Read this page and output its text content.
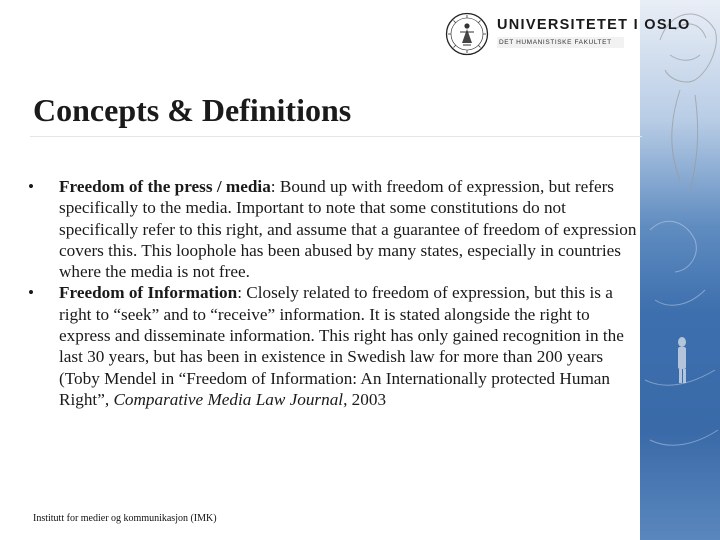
UNIVERSITETET I OSLO
DET HUMANISTISKE FAKULTET
Concepts & Definitions
• Freedom of the press / media: Bound up with freedom of expression, but refers specifically to the media. Important to note that some constitutions do not specifically refer to this right, and assume that a guarantee of freedom of expression covers this. This loophole has been abused by many states, especially in countries where the media is not free.
• Freedom of Information: Closely related to freedom of expression, but this is a right to “seek” and to “receive” information. It is stated alongside the right to express and disseminate information. This right has only gained recognition in the last 30 years, but has been in existence in Swedish law for more than 200 years (Toby Mendel in “Freedom of Information: An Internationally protected Human Right”, Comparative Media Law Journal, 2003
Institutt for medier og kommunikasjon (IMK)
